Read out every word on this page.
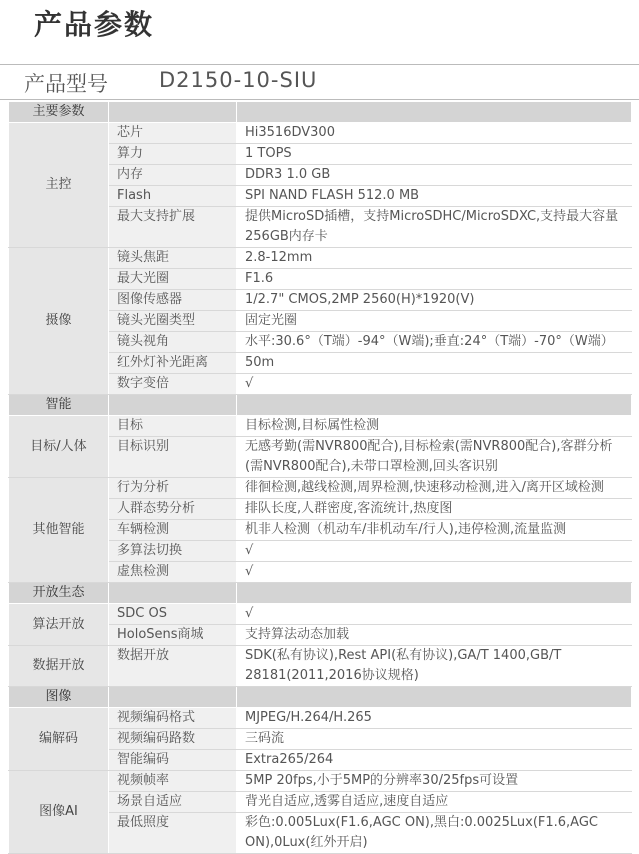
产品参数
产品型号 D2150-10-SIU
主要参数		
主控	芯片	Hi3516DV300
	算力	1 TOPS
	内存	DDR3 1.0 GB
	Flash	SPI NAND FLASH 512.0 MB
	最大支持扩展	提供MicroSD插槽，支持MicroSDHC/MicroSDXC,支持最大容量256GB内存卡
摄像	镜头焦距	2.8-12mm
	最大光圈	F1.6
	图像传感器	1/2.7" CMOS,2MP 2560(H)*1920(V)
	镜头光圈类型	固定光圈
	镜头视角	水平:30.6°（T端）-94°（W端);垂直:24°（T端）-70°（W端）
	红外灯补光距离	50m
	数字变倍	√
智能		
目标/人体	目标	目标检测,目标属性检测
	目标识别	无感考勤(需NVR800配合),目标检索(需NVR800配合),客群分析(需NVR800配合),未带口罩检测,回头客识别
其他智能	行为分析	徘徊检测,越线检测,周界检测,快速移动检测,进入/离开区域检测
	人群态势分析	排队长度,人群密度,客流统计,热度图
	车辆检测	机非人检测（机动车/非机动车/行人),违停检测,流量监测
	多算法切换	√
	虚焦检测	√
开放生态		
算法开放	SDC OS	√
	HoloSens商城	支持算法动态加载
数据开放	数据开放	SDK(私有协议),Rest API(私有协议),GA/T 1400,GB/T 28181(2011,2016协议规格)
图像		
编解码	视频编码格式	MJPEG/H.264/H.265
	视频编码路数	三码流
	智能编码	Extra265/264
图像AI	视频帧率	5MP 20fps,小于5MP的分辨率30/25fps可设置
	场景自适应	背光自适应,透雾自适应,速度自适应
	最低照度	彩色:0.005Lux(F1.6,AGC ON),黑白:0.0025Lux(F1.6,AGC ON),0Lux(红外开启)
